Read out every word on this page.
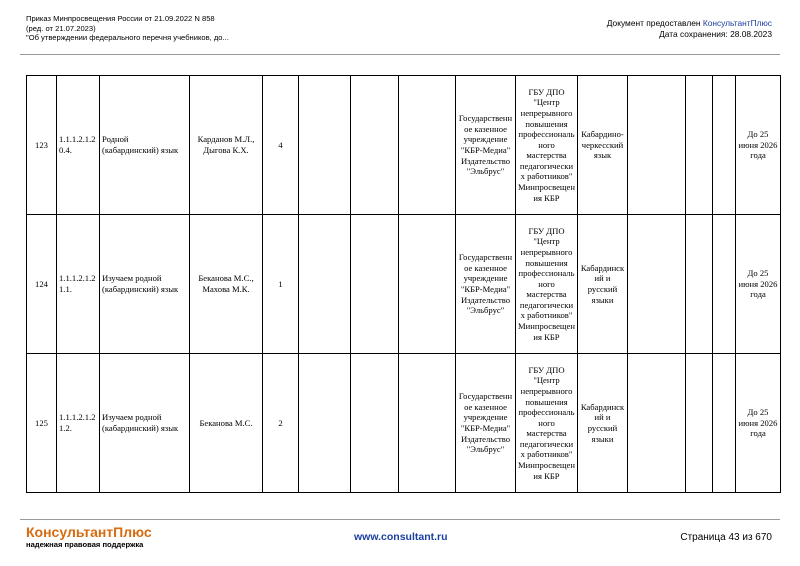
Приказ Минпросвещения России от 21.09.2022 N 858
(ред. от 21.07.2023)
"Об утверждении федерального перечня учебников, до...
Документ предоставлен КонсультантПлюс
Дата сохранения: 28.08.2023
123	1.1.1.2.1.20.4.	Родной (кабардинский) язык	Карданов М.Л., Дыгова К.Х.	4				Государственное казенное учреждение "КБР-Медиа" Издательство "Эльбрус"	ГБУ ДПО "Центр непрерывного повышения профессионального мастерства педагогических работников" Минпросвещения КБР	Кабардино-черкесский язык				До 25 июня 2026 года
124	1.1.1.2.1.21.1.	Изучаем родной (кабардинский) язык	Беканова М.С., Махова М.К.	1				Государственное казенное учреждение "КБР-Медиа" Издательство "Эльбрус"	ГБУ ДПО "Центр непрерывного повышения профессионального мастерства педагогических работников" Минпросвещения КБР	Кабардинский и русский языки				До 25 июня 2026 года
125	1.1.1.2.1.21.2.	Изучаем родной (кабардинский) язык	Беканова М.С.	2				Государственное казенное учреждение "КБР-Медиа" Издательство "Эльбрус"	ГБУ ДПО "Центр непрерывного повышения профессионального мастерства педагогических работников" Минпросвещения КБР	Кабардинский и русский языки				До 25 июня 2026 года
КонсультантПлюс
надежная правовая поддержка
www.consultant.ru	Страница 43 из 670
